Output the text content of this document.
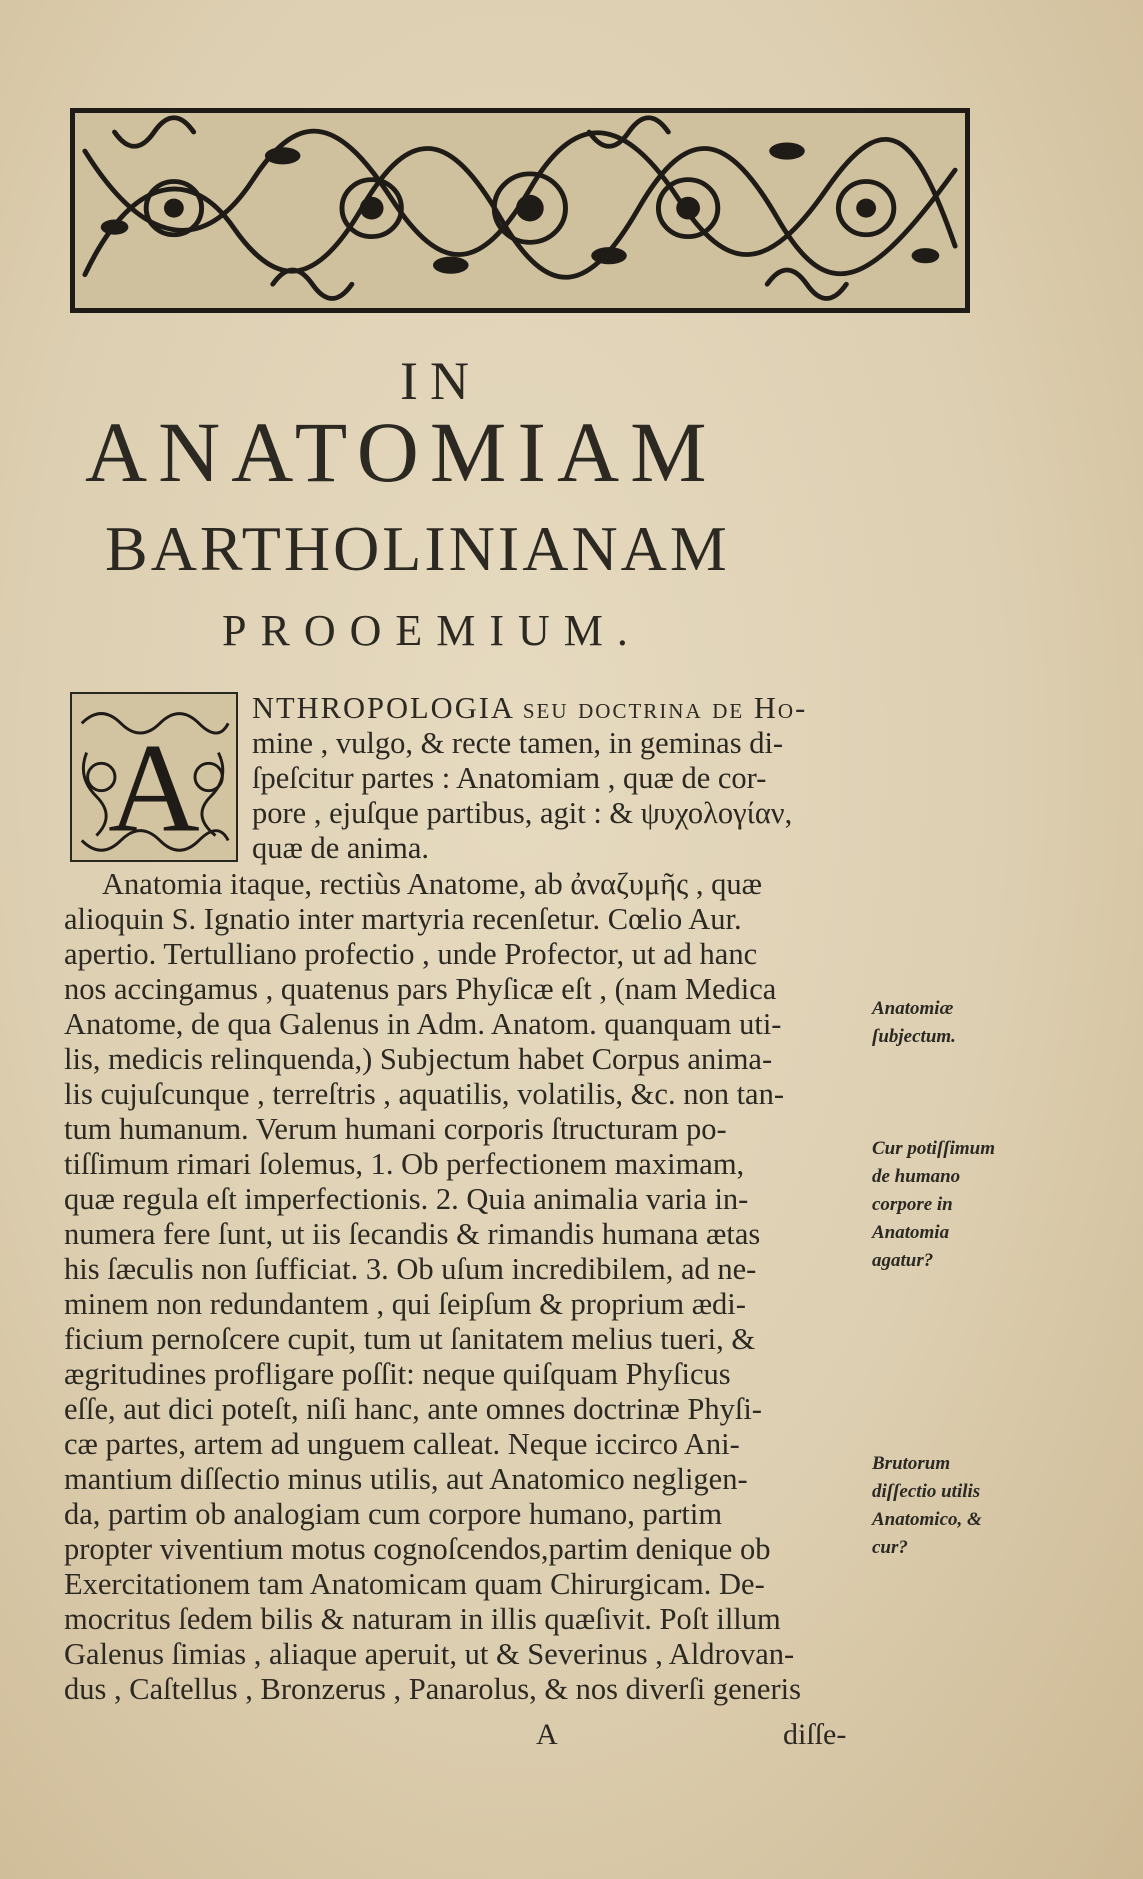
IN
ANATOMIAM
BARTHOLINIANAM
PROOEMIUM.
A
NTHROPOLOGIA ſeu doctrina de Ho-
mine , vulgo, & recte tamen, in geminas di-
ſpeſcitur partes : Anatomiam , quæ de cor-
pore , ejuſque partibus, agit : & ψυχολογίαν,
quæ de anima.
Anatomia itaque, rectiùs Anatome, ab ἀναζυμῆς , quæ
alioquin S. Ignatio inter martyria recenſetur. Cœlio Aur.
apertio. Tertulliano profectio , unde Profector, ut ad hanc
nos accingamus , quatenus pars Phyſicæ eſt , (nam Medica
Anatome, de qua Galenus in Adm. Anatom. quanquam uti-
lis, medicis relinquenda,) Subjectum habet Corpus anima-
lis cujuſcunque , terreſtris , aquatilis, volatilis, &c. non tan-
tum humanum. Verum humani corporis ſtructuram po-
tiſſimum rimari ſolemus, 1. Ob perfectionem maximam,
quæ regula eſt imperfectionis. 2. Quia animalia varia in-
numera fere ſunt, ut iis ſecandis & rimandis humana ætas
his ſæculis non ſufficiat. 3. Ob uſum incredibilem, ad ne-
minem non redundantem , qui ſeipſum & proprium ædi-
ficium pernoſcere cupit, tum ut ſanitatem melius tueri, &
ægritudines profligare poſſit: neque quiſquam Phyſicus
eſſe, aut dici poteſt, niſi hanc, ante omnes doctrinæ Phyſi-
cæ partes, artem ad unguem calleat. Neque iccirco Ani-
mantium diſſectio minus utilis, aut Anatomico negligen-
da, partim ob analogiam cum corpore humano, partim
propter viventium motus cognoſcendos,partim denique ob
Exercitationem tam Anatomicam quam Chirurgicam. De-
mocritus ſedem bilis & naturam in illis quæſivit. Poſt illum
Galenus ſimias , aliaque aperuit, ut & Severinus , Aldrovan-
dus , Caſtellus , Bronzerus , Panarolus, & nos diverſi generis
Anatomiæ ſubjectum.
Cur potiſſimum de humano corpore in Anatomia agatur?
Brutorum diſſectio utilis Anatomico, & cur?
A	diſſe-
